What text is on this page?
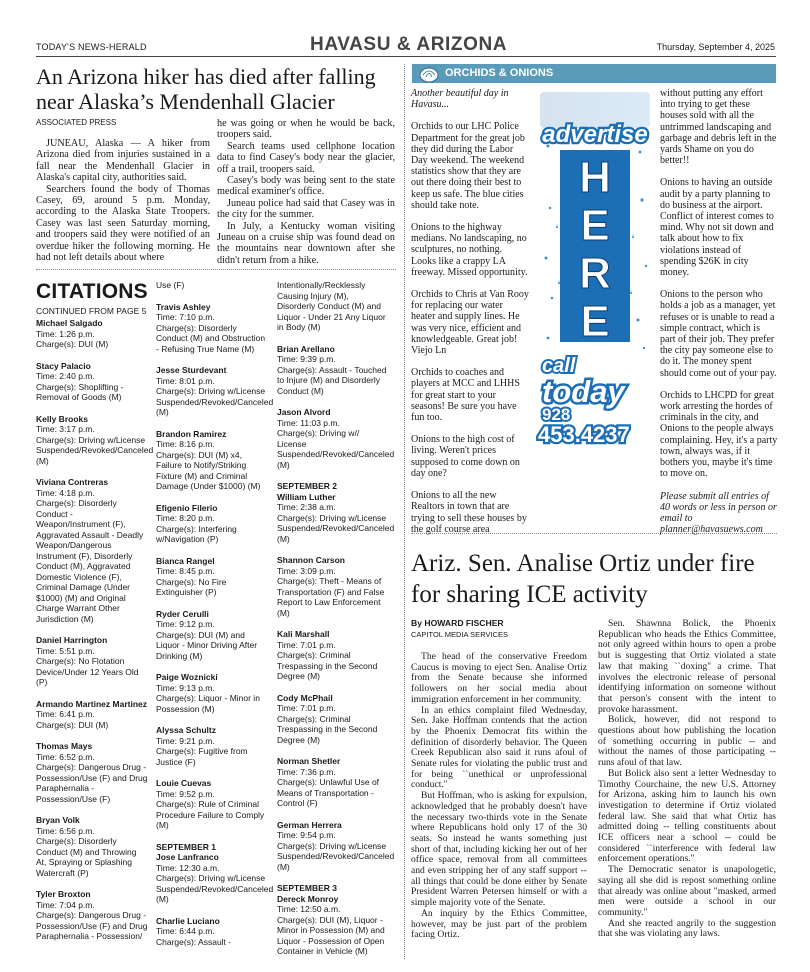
TODAY'S NEWS-HERALD	HAVASU & ARIZONA	Thursday, September 4, 2025
An Arizona hiker has died after falling near Alaska’s Mendenhall Glacier
ASSOCIATED PRESS

JUNEAU, Alaska — A hiker from Arizona died from injuries sustained in a fall near the Mendenhall Glacier in Alaska's capital city, authorities said.

Searchers found the body of Thomas Casey, 69, around 5 p.m. Monday, according to the Alaska State Troopers. Casey was last seen Saturday morning, and troopers said they were notified of an overdue hiker the following morning. He had not left details about where

he was going or when he would be back, troopers said.

Search teams used cellphone location data to find Casey's body near the glacier, off a trail, troopers said.

Casey's body was being sent to the state medical examiner's office.

Juneau police had said that Casey was in the city for the summer.

In July, a Kentucky woman visiting Juneau on a cruise ship was found dead on the mountains near downtown after she didn't return from a hike.

CITATIONS
CONTINUED FROM PAGE 5
Michael Salgado
Time: 1:26 p.m.
Charge(s): DUI (M)
Stacy Palacio
Time: 2:40 p.m.
Charge(s): Shoplifting - Removal of Goods (M)
Kelly Brooks
Time: 3:17 p.m.
Charge(s): Driving w/License Suspended/Revoked/Canceled (M)
Viviana Contreras
Time: 4:18 p.m.
Charge(s): Disorderly Conduct - Weapon/Instrument (F), Aggravated Assault - Deadly Weapon/Dangerous Instrument (F), Disorderly Conduct (M), Aggravated Domestic Violence (F), Criminal Damage (Under $1000) (M) and Original Charge Warrant Other Jurisdiction (M)
Daniel Harrington
Time: 5:51 p.m.
Charge(s): No Flotation Device/Under 12 Years Old (P)
Armando Martinez Martinez
Time: 6:41 p.m.
Charge(s): DUI (M)
Thomas Mays
Time: 6:52 p.m.
Charge(s): Dangerous Drug - Possession/Use (F) and Drug Paraphernalia - Possession/Use (F)
Bryan Volk
Time: 6:56 p.m.
Charge(s): Disorderly Conduct (M) and Throwing At, Spraying or Splashing Watercraft (P)
Tyler Broxton
Time: 7:04 p.m.
Charge(s): Dangerous Drug - Possession/Use (F) and Drug Paraphernalia - Possession/
Use (F)
Travis Ashley
Time: 7:10 p.m.
Charge(s): Disorderly Conduct (M) and Obstruction - Refusing True Name (M)
Jesse Sturdevant
Time: 8:01 p.m.
Charge(s): Driving w/License Suspended/Revoked/Canceled (M)
Brandon Ramirez
Time: 8:16 p.m.
Charge(s): DUI (M) x4, Failure to Notify/Striking Fixture (M) and Criminal Damage (Under $1000) (M)
Efigenio Filerio
Time: 8:20 p.m.
Charge(s): Interfering w/Navigation (P)
Bianca Rangel
Time: 8:45 p.m.
Charge(s): No Fire Extinguisher (P)
Ryder Cerulli
Time: 9:12 p.m.
Charge(s): DUI (M) and Liquor - Minor Driving After Drinking (M)
Paige Woznicki
Time: 9:13 p.m.
Charge(s): Liquor - Minor in Possession (M)
Alyssa Schultz
Time: 9:21 p.m.
Charge(s): Fugitive from Justice (F)
Louie Cuevas
Time: 9:52 p.m.
Charge(s): Rule of Criminal Procedure Failure to Comply (M)
SEPTEMBER 1
Jose Lanfranco
Time: 12:30 a.m.
Charge(s): Driving w/License Suspended/Revoked/Canceled (M)
Charlie Luciano
Time: 6:44 p.m.
Charge(s): Assault -
Intentionally/Recklessly Causing Injury (M), Disorderly Conduct (M) and Liquor - Under 21 Any Liquor in Body (M)
Brian Arellano
Time: 9:39 p.m.
Charge(s): Assault - Touched to Injure (M) and Disorderly Conduct (M)
Jason Alvord
Time: 11:03 p.m.
Charge(s): Driving w// License Suspended/Revoked/Canceled (M)
SEPTEMBER 2
William Luther
Time: 2:38 a.m.
Charge(s): Driving w/License Suspended/Revoked/Canceled (M)
Shannon Carson
Time: 3:09 p.m.
Charge(s): Theft - Means of Transportation (F) and False Report to Law Enforcement (M)
Kali Marshall
Time: 7:01 p.m.
Charge(s): Criminal Trespassing in the Second Degree (M)
Cody McPhail
Time: 7:01 p.m.
Charge(s): Criminal Trespassing in the Second Degree (M)
Norman Shetler
Time: 7:36 p.m.
Charge(s): Unlawful Use of Means of Transportation - Control (F)
German Herrera
Time: 9:54 p.m.
Charge(s): Driving w/License Suspended/Revoked/Canceled (M)
SEPTEMBER 3
Dereck Monroy
Time: 12:50 a.m.
Charge(s): DUI (M), Liquor - Minor in Possession (M) and Liquor - Possession of Open Container in Vehicle (M)
ORCHIDS & ONIONS

Another beautiful day in Havasu...

Orchids to our LHC Police Department for the great job they did during the Labor Day weekend. The weekend statistics show that they are out there doing their best to keep us safe. The blue cities should take note.

Onions to the highway medians. No landscaping, no sculptures, no nothing. Looks like a crappy LA freeway. Missed opportunity.

Orchids to Chris at Van Rooy for replacing our water heater and supply lines. He was very nice, efficient and knowledgeable. Great job! Viejo Ln

Orchids to coaches and players at MCC and LHHS for great start to your seasons! Be sure you have fun too.

Onions to the high cost of living. Weren't prices supposed to come down on day one?

Onions to all the new Realtors in town that are trying to sell these houses by the golf course area

advertise
H
E
R
E
call
today
928
453.4237

without putting any effort into trying to get these houses sold with all the untrimmed landscaping and garbage and debris left in the yards Shame on you do better!!

Onions to having an outside audit by a party planning to do business at the airport. Conflict of interest comes to mind. Why not sit down and talk about how to fix violations instead of spending $26K in city money.

Onions to the person who holds a job as a manager, yet refuses or is unable to read a simple contract, which is part of their job. They prefer the city pay someone else to do it. The money spent should come out of your pay.

Orchids to LHCPD for great work arresting the hordes of criminals in the city, and Onions to the people always complaining. Hey, it's a party town, always was, if it bothers you, maybe it's time to move on.

Please submit all entries of 40 words or less in person or email to planner@havasuews.com

Ariz. Sen. Analise Ortiz under fire for sharing ICE activity
By HOWARD FISCHER
CAPITOL MEDIA SERVICES

The head of the conservative Freedom Caucus is moving to eject Sen. Analise Ortiz from the Senate because she informed followers on her social media about immigration enforcement in her community.

In an ethics complaint filed Wednesday, Sen. Jake Hoffman contends that the action by the Phoenix Democrat fits within the definition of disorderly behavior. The Queen Creek Republican also said it runs afoul of Senate rules for violating the public trust and for being ``unethical or unprofessional conduct.''

But Hoffman, who is asking for expulsion, acknowledged that he probably doesn't have the necessary two-thirds vote in the Senate where Republicans hold only 17 of the 30 seats. So instead he wants something just short of that, including kicking her out of her office space, removal from all committees and even stripping her of any staff support -- all things that could be done either by Senate President Warren Petersen himself or with a simple majority vote of the Senate.

An inquiry by the Ethics Committee, however, may be just part of the problem facing Ortiz.

Sen. Shawnna Bolick, the Phoenix Republican who heads the Ethics Committee, not only agreed within hours to open a probe but is suggesting that Ortiz violated a state law that making ``doxing'' a crime. That involves the electronic release of personal identifying information on someone without that person's consent with the intent to provoke harassment.

Bolick, however, did not respond to questions about how publishing the location of something occurring in public -- and without the names of those participating -- runs afoul of that law.

But Bolick also sent a letter Wednesday to Timothy Courchaine, the new U.S. Attorney for Arizona, asking him to launch his own investigation to determine if Ortiz violated federal law. She said that what Ortiz has admitted doing -- telling constituents about ICE officers near a school -- could be considered ``interference with federal law enforcement operations.''

The Democratic senator is unapologetic, saying all she did is repost something online that already was online about "masked, armed men were outside a school in our community."

And she reacted angrily to the suggestion that she was violating any laws.
